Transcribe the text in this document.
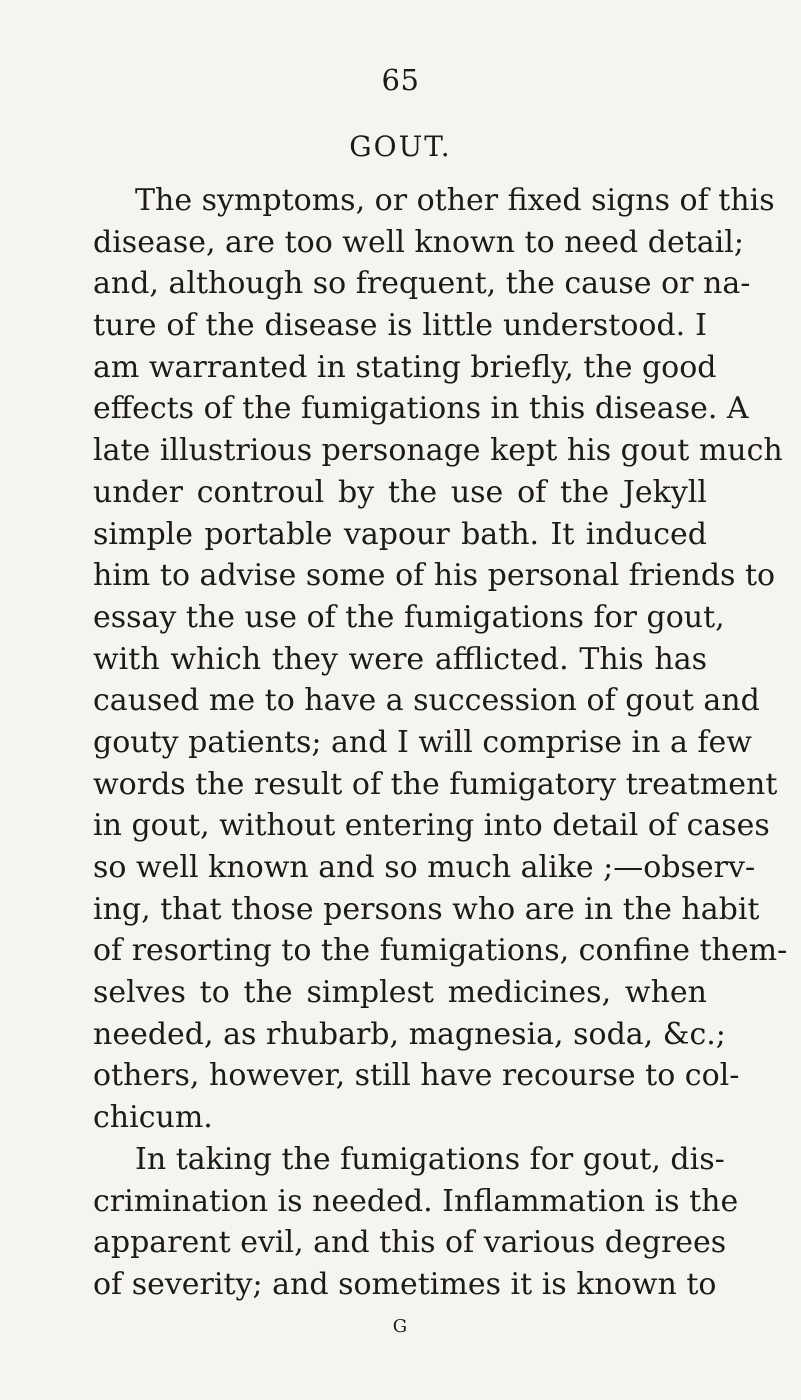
65
GOUT.
The symptoms, or other fixed signs of this
disease, are too well known to need detail;
and, although so frequent, the cause or na-
ture of the disease is little understood. I
am warranted in stating briefly, the good
effects of the fumigations in this disease. A
late illustrious personage kept his gout much
under controul by the use of the Jekyll
simple portable vapour bath. It induced
him to advise some of his personal friends to
essay the use of the fumigations for gout,
with which they were afflicted. This has
caused me to have a succession of gout and
gouty patients; and I will comprise in a few
words the result of the fumigatory treatment
in gout, without entering into detail of cases
so well known and so much alike ;—observ-
ing, that those persons who are in the habit
of resorting to the fumigations, confine them-
selves to the simplest medicines, when
needed, as rhubarb, magnesia, soda, &c.;
others, however, still have recourse to col-
chicum.
In taking the fumigations for gout, dis-
crimination is needed. Inflammation is the
apparent evil, and this of various degrees
of severity; and sometimes it is known to
G
